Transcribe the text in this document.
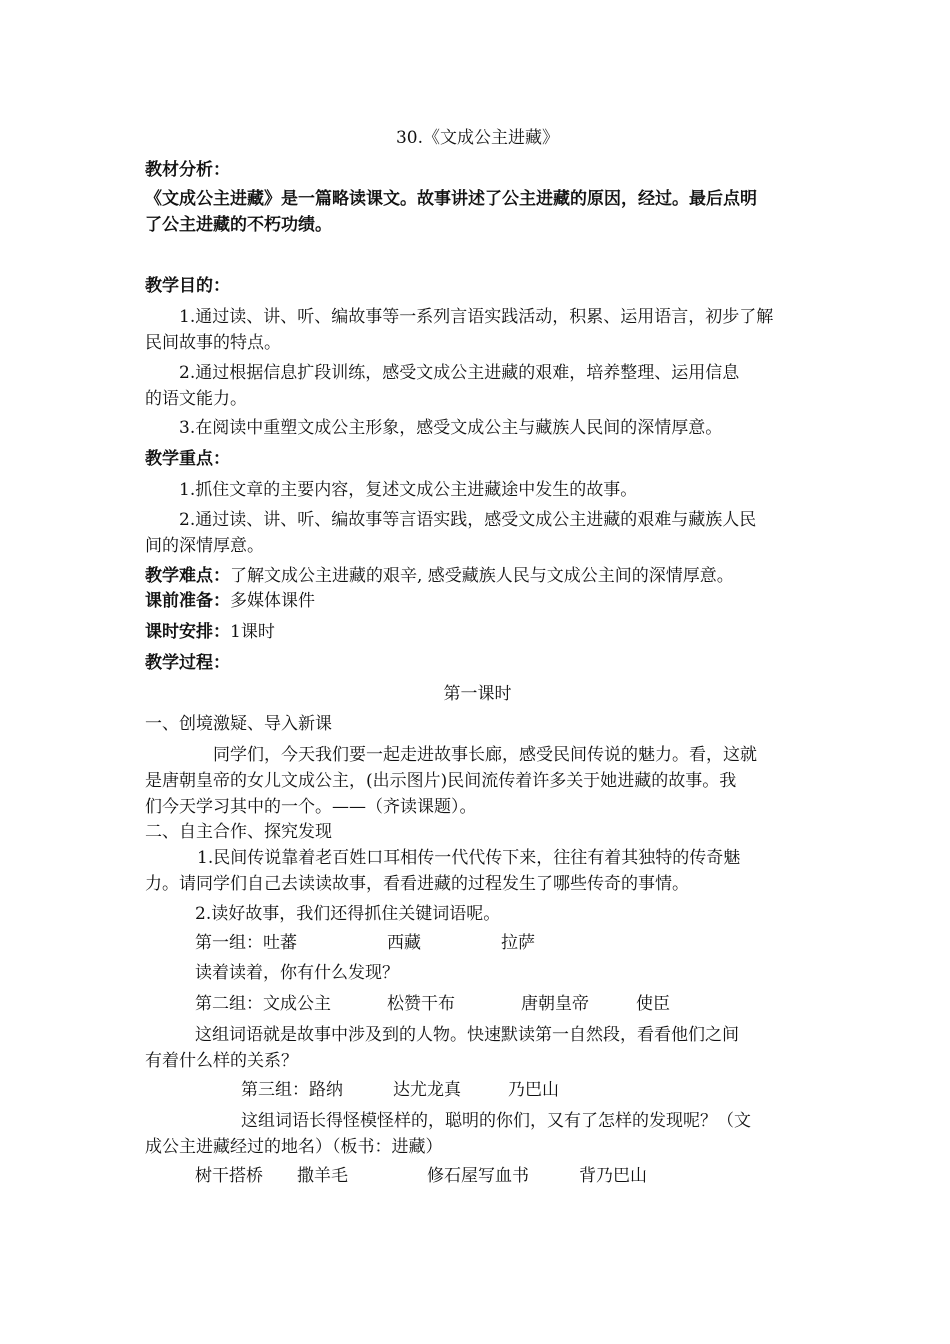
30.《文成公主进藏》
教材分析：
《文成公主进藏》是一篇略读课文。故事讲述了公主进藏的原因，经过。最后点明
了公主进藏的不朽功绩。
教学目的：
1.通过读、讲、听、编故事等一系列言语实践活动，积累、运用语言，初步了解
民间故事的特点。
2.通过根据信息扩段训练，感受文成公主进藏的艰难，培养整理、运用信息
的语文能力。
3.在阅读中重塑文成公主形象，感受文成公主与藏族人民间的深情厚意。
教学重点：
1.抓住文章的主要内容，复述文成公主进藏途中发生的故事。
2.通过读、讲、听、编故事等言语实践，感受文成公主进藏的艰难与藏族人民
间的深情厚意。
教学难点：了解文成公主进藏的艰辛, 感受藏族人民与文成公主间的深情厚意。
课前准备：多媒体课件
课时安排：1课时
教学过程：
第一课时
一、创境激疑、导入新课
同学们，今天我们要一起走进故事长廊，感受民间传说的魅力。看，这就
是唐朝皇帝的女儿文成公主，(出示图片)民间流传着许多关于她进藏的故事。我
们今天学习其中的一个。——（齐读课题）。
二、自主合作、探究发现
1.民间传说靠着老百姓口耳相传一代代传下来，往往有着其独特的传奇魅
力。请同学们自己去读读故事，看看进藏的过程发生了哪些传奇的事情。
2.读好故事，我们还得抓住关键词语呢。
第一组：吐蕃	西藏	拉萨
读着读着，你有什么发现？
第二组：文成公主	松赞干布	唐朝皇帝	使臣
这组词语就是故事中涉及到的人物。快速默读第一自然段，看看他们之间
有着什么样的关系？
第三组：路纳	达尤龙真	乃巴山
这组词语长得怪模怪样的，聪明的你们，又有了怎样的发现呢？（文
成公主进藏经过的地名）（板书：进藏）
树干搭桥 撒羊毛	修石屋写血书	背乃巴山
